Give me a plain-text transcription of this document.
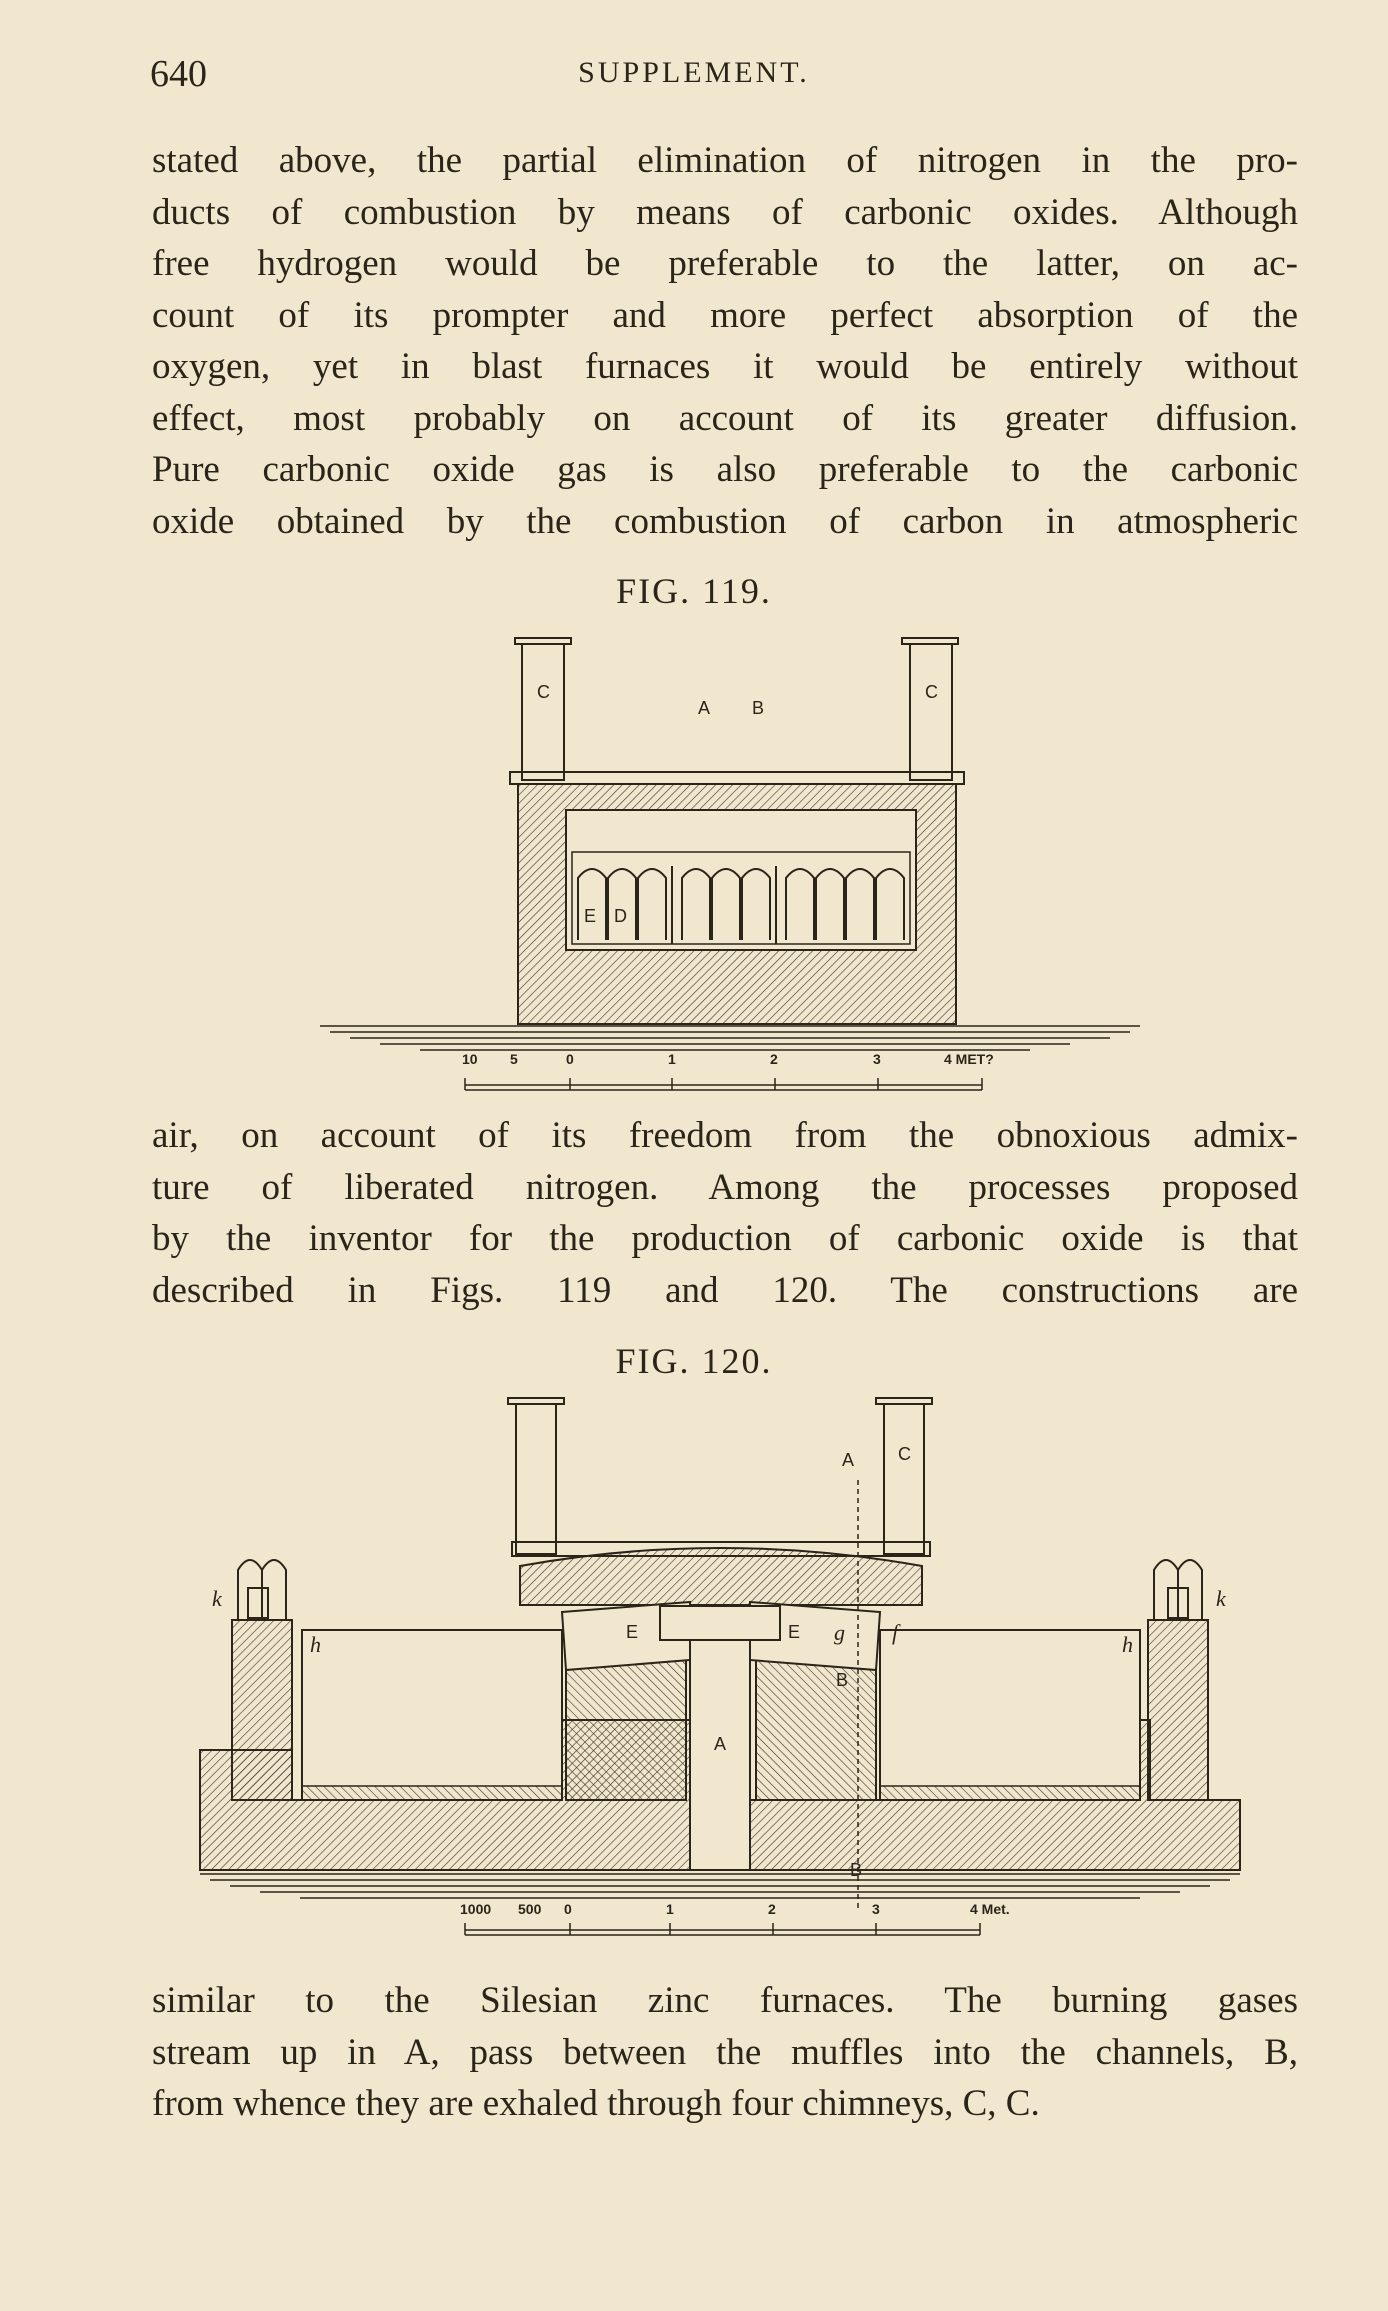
640	SUPPLEMENT.
stated above, the partial elimination of nitrogen in the pro-
ducts of combustion by means of carbonic oxides. Although
free hydrogen would be preferable to the latter, on ac-
count of its prompter and more perfect absorption of the
oxygen, yet in blast furnaces it would be entirely without
effect, most probably on account of its greater diffusion.
Pure carbonic oxide gas is also preferable to the carbonic
oxide obtained by the combustion of carbon in atmospheric
FIG. 119.
C	C
A B
E D
10 5	0	1	2	3	4 MET?
air, on account of its freedom from the obnoxious admix-
ture of liberated nitrogen. Among the processes proposed
by the inventor for the production of carbonic oxide is that
described in Figs. 119 and 120. The constructions are
FIG. 120.
A C
k	k
h	h
E	E g f
A
B
B
1000 500 0	1	2	3	4 Met.
similar to the Silesian zinc furnaces. The burning gases
stream up in A, pass between the muffles into the channels, B,
from whence they are exhaled through four chimneys, C, C.
